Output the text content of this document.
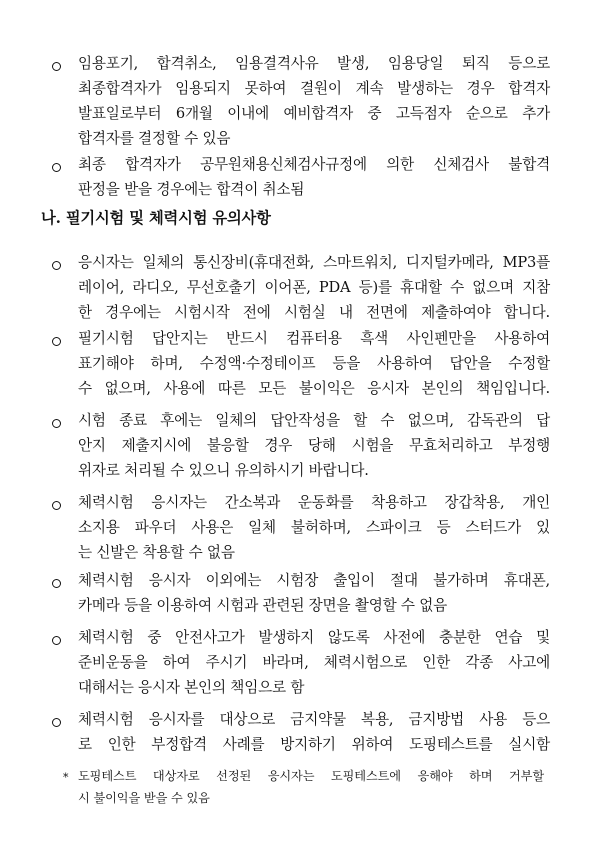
임용포기, 합격취소, 임용결격사유 발생, 임용당일 퇴직 등으로
최종합격자가 임용되지 못하여 결원이 계속 발생하는 경우 합격자
발표일로부터 6개월 이내에 예비합격자 중 고득점자 순으로 추가
합격자를 결정할 수 있음
최종 합격자가 공무원채용신체검사규정에 의한 신체검사 불합격
판정을 받을 경우에는 합격이 취소됨
나. 필기시험 및 체력시험 유의사항
응시자는 일체의 통신장비(휴대전화, 스마트워치, 디지털카메라, MP3플
레이어, 라디오, 무선호출기 이어폰, PDA 등)를 휴대할 수 없으며 지참
한 경우에는 시험시작 전에 시험실 내 전면에 제출하여야 합니다.
필기시험 답안지는 반드시 컴퓨터용 흑색 사인펜만을 사용하여
표기해야 하며, 수정액·수정테이프 등을 사용하여 답안을 수정할
수 없으며, 사용에 따른 모든 불이익은 응시자 본인의 책임입니다.
시험 종료 후에는 일체의 답안작성을 할 수 없으며, 감독관의 답
안지 제출지시에 불응할 경우 당해 시험을 무효처리하고 부정행
위자로 처리될 수 있으니 유의하시기 바랍니다.
체력시험 응시자는 간소복과 운동화를 착용하고 장갑착용, 개인
소지용 파우더 사용은 일체 불허하며, 스파이크 등 스터드가 있
는 신발은 착용할 수 없음
체력시험 응시자 이외에는 시험장 출입이 절대 불가하며 휴대폰,
카메라 등을 이용하여 시험과 관련된 장면을 촬영할 수 없음
체력시험 중 안전사고가 발생하지 않도록 사전에 충분한 연습 및
준비운동을 하여 주시기 바라며, 체력시험으로 인한 각종 사고에
대해서는 응시자 본인의 책임으로 함
체력시험 응시자를 대상으로 금지약물 복용, 금지방법 사용 등으
로 인한 부정합격 사례를 방지하기 위하여 도핑테스트를 실시함
* 도핑테스트 대상자로 선정된 응시자는 도핑테스트에 응해야 하며 거부할
시 불이익을 받을 수 있음
